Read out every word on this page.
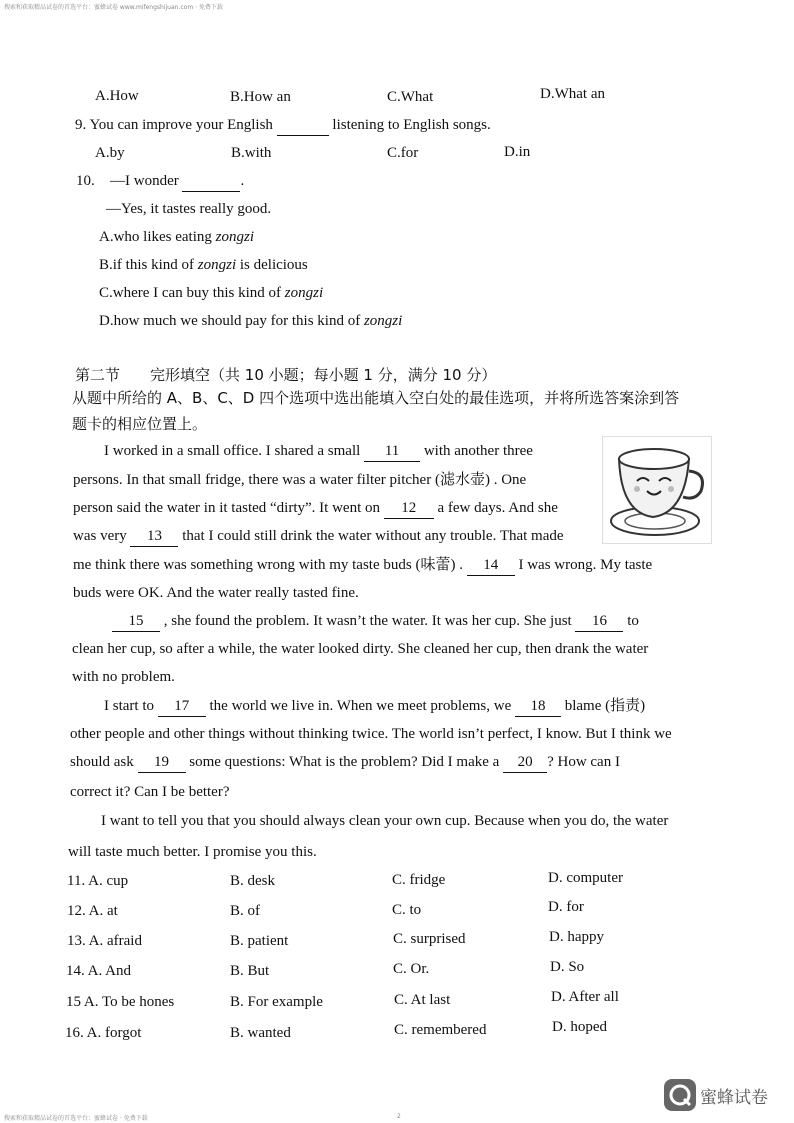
搜索和获取精品试卷的首选平台：蜜蜂试卷 www.mifengshijuan.com · 免费下载
搜索和获取精品试卷的首选平台：蜜蜂试卷 · 免费下载	2
A.How	B.How an	C.What	D.What an
9. You can improve your English	listening to English songs.
A.by	B.with	C.for	D.in
10. —I wonder	.
—Yes, it tastes really good.
A.who likes eating zongzi
B.if this kind of zongzi is delicious
C.where I can buy this kind of zongzi
D.how much we should pay for this kind of zongzi
第二节　　完形填空（共 10 小题；每小题 1 分，满分 10 分）
从题中所给的 A、B、C、D 四个选项中选出能填入空白处的最佳选项，并将所选答案涂到答
题卡的相应位置上。
I worked in a small office. I shared a small 11 with another three
persons. In that small fridge, there was a water filter pitcher (滤水壶) . One
person said the water in it tasted “dirty”. It went on 12 a few days. And she
was very 13 that I could still drink the water without any trouble. That made
me think there was something wrong with my taste buds (味蕾) . 14 I was wrong. My taste
buds were OK. And the water really tasted fine.
15 , she found the problem. It wasn’t the water. It was her cup. She just 16 to
clean her cup, so after a while, the water looked dirty. She cleaned her cup, then drank the water
with no problem.
I start to 17 the world we live in. When we meet problems, we 18 blame (指责)
other people and other things without thinking twice. The world isn’t perfect, I know. But I think we
should ask 19 some questions: What is the problem? Did I make a 20 ? How can I
correct it? Can I be better?
I want to tell you that you should always clean your own cup. Because when you do, the water
will taste much better. I promise you this.
11. A. cup	B. desk	C. fridge	D. computer
12. A. at	B. of	C. to	D. for
13. A. afraid	B. patient	C. surprised	D. happy
14. A. And	B. But	C. Or.	D. So
15 A. To be hones	B. For example	C. At last	D. After all
16. A. forgot	B. wanted	C. remembered	D. hoped
蜜蜂试卷
